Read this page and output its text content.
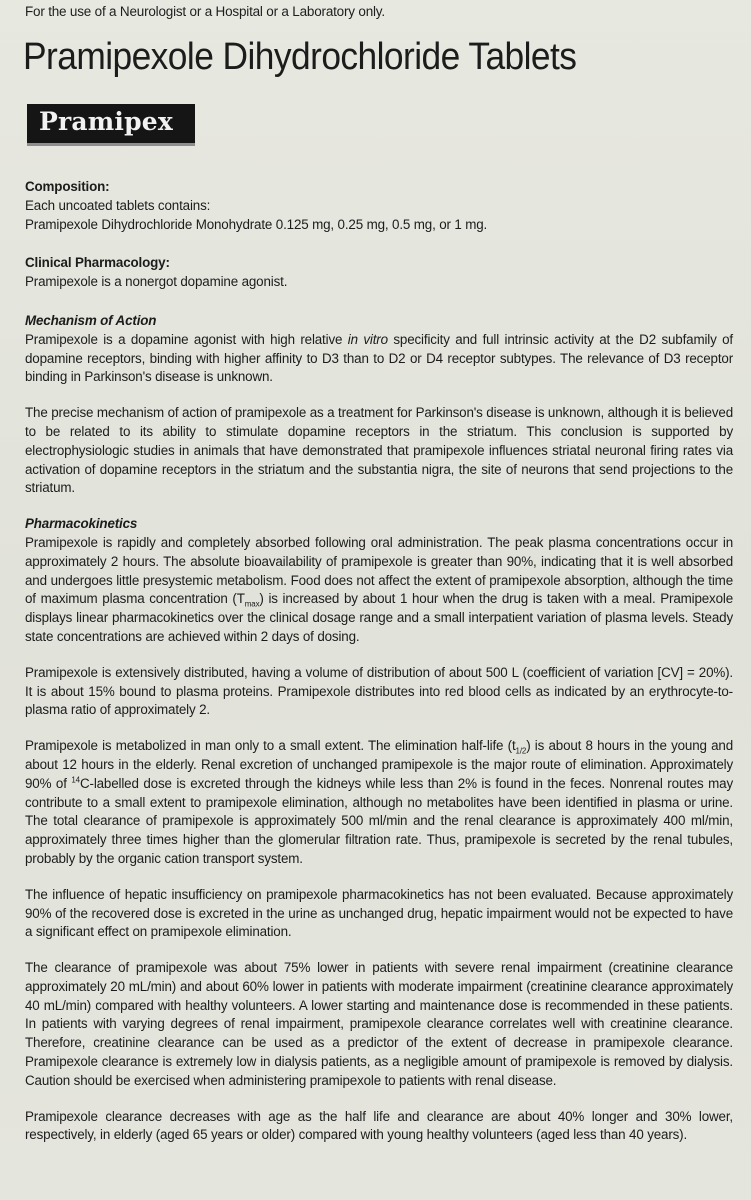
For the use of a Neurologist or a Hospital or a Laboratory only.
Pramipexole Dihydrochloride Tablets
Pramipex

Composition:

Each uncoated tablets contains:

Pramipexole Dihydrochloride Monohydrate 0.125 mg, 0.25 mg, 0.5 mg, or 1 mg.

Clinical Pharmacology:

Pramipexole is a nonergot dopamine agonist.

Mechanism of Action

Pramipexole is a dopamine agonist with high relative in vitro specificity and full intrinsic activity at the D2 subfamily of dopamine receptors, binding with higher affinity to D3 than to D2 or D4 receptor subtypes. The relevance of D3 receptor binding in Parkinson's disease is unknown.

The precise mechanism of action of pramipexole as a treatment for Parkinson's disease is unknown, although it is believed to be related to its ability to stimulate dopamine receptors in the striatum. This conclusion is supported by electrophysiologic studies in animals that have demonstrated that pramipexole influences striatal neuronal firing rates via activation of dopamine receptors in the striatum and the substantia nigra, the site of neurons that send projections to the striatum.

Pharmacokinetics

Pramipexole is rapidly and completely absorbed following oral administration. The peak plasma concentrations occur in approximately 2 hours. The absolute bioavailability of pramipexole is greater than 90%, indicating that it is well absorbed and undergoes little presystemic metabolism. Food does not affect the extent of pramipexole absorption, although the time of maximum plasma concentration $(T_{max})$ is increased by about 1 hour when the drug is taken with a meal. Pramipexole displays linear pharmacokinetics over the clinical dosage range and a small interpatient variation of plasma levels. Steady state concentrations are achieved within 2 days of dosing.

Pramipexole is extensively distributed, having a volume of distribution of about 500 L (coefficient of variation [CV] = 20%). It is about 15% bound to plasma proteins. Pramipexole distributes into red blood cells as indicated by an erythrocyte-to-plasma ratio of approximately 2.

Pramipexole is metabolized in man only to a small extent. The elimination half-life $(t_{1/2})$ is about 8 hours in the young and about 12 hours in the elderly. Renal excretion of unchanged pramipexole is the major route of elimination. Approximately 90% of $^{14}$C-labelled dose is excreted through the kidneys while less than 2% is found in the feces. Nonrenal routes may contribute to a small extent to pramipexole elimination, although no metabolites have been identified in plasma or urine. The total clearance of pramipexole is approximately 500 ml/min and the renal clearance is approximately 400 ml/min, approximately three times higher than the glomerular filtration rate. Thus, pramipexole is secreted by the renal tubules, probably by the organic cation transport system.

The influence of hepatic insufficiency on pramipexole pharmacokinetics has not been evaluated. Because approximately 90% of the recovered dose is excreted in the urine as unchanged drug, hepatic impairment would not be expected to have a significant effect on pramipexole elimination.

The clearance of pramipexole was about 75% lower in patients with severe renal impairment (creatinine clearance approximately 20 mL/min) and about 60% lower in patients with moderate impairment (creatinine clearance approximately 40 mL/min) compared with healthy volunteers. A lower starting and maintenance dose is recommended in these patients. In patients with varying degrees of renal impairment, pramipexole clearance correlates well with creatinine clearance. Therefore, creatinine clearance can be used as a predictor of the extent of decrease in pramipexole clearance. Pramipexole clearance is extremely low in dialysis patients, as a negligible amount of pramipexole is removed by dialysis. Caution should be exercised when administering pramipexole to patients with renal disease.

Pramipexole clearance decreases with age as the half life and clearance are about 40% longer and 30% lower, respectively, in elderly (aged 65 years or older) compared with young healthy volunteers (aged less than 40 years).
